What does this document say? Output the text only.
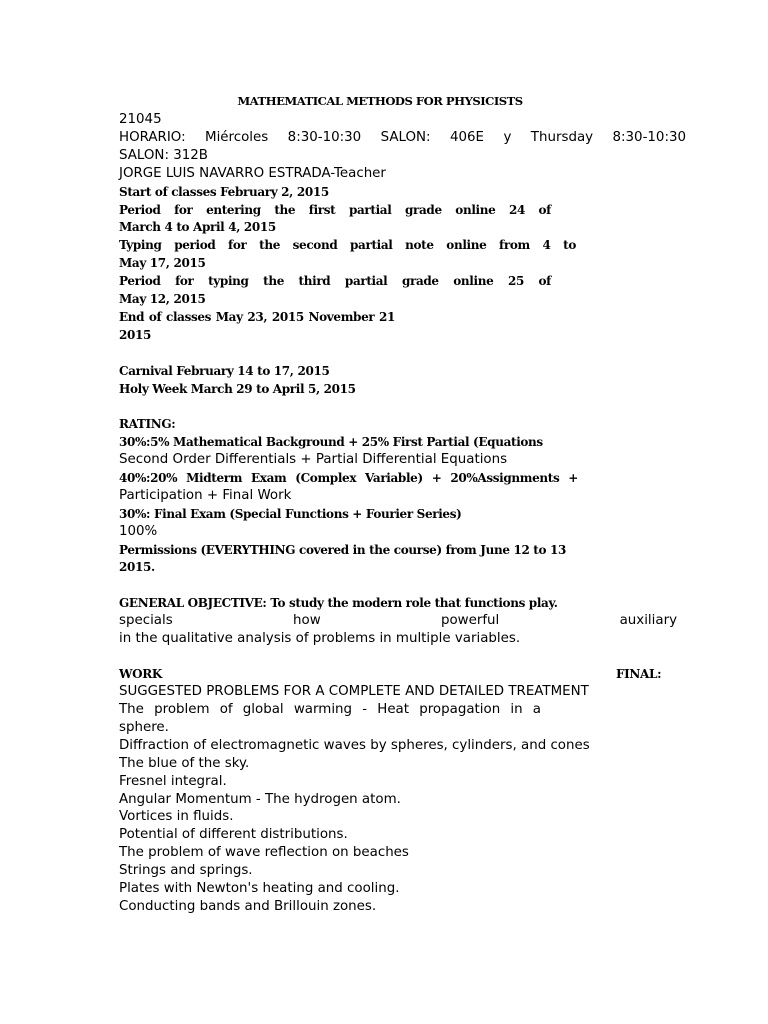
MATHEMATICAL METHODS FOR PHYSICISTS
21045
HORARIO: Miércoles 8:30-10:30 SALON: 406E y Thursday 8:30-10:30
SALON: 312B
JORGE LUIS NAVARRO ESTRADA-Teacher
Start of classes February 2, 2015
Period for entering the first partial grade online 24 of
March 4 to April 4, 2015
Typing period for the second partial note online from 4 to
May 17, 2015
Period for typing the third partial grade online 25 of
May 12, 2015
End of classes May 23, 2015 November 21
2015
Carnival February 14 to 17, 2015
Holy Week March 29 to April 5, 2015
RATING:
30%:5% Mathematical Background + 25% First Partial (Equations
Second Order Differentials + Partial Differential Equations
40%:20% Midterm Exam (Complex Variable) + 20%Assignments +
Participation + Final Work
30%: Final Exam (Special Functions + Fourier Series)
100%
Permissions (EVERYTHING covered in the course) from June 12 to 13
2015.
GENERAL OBJECTIVE: To study the modern role that functions play.
specials how powerful auxiliary
in the qualitative analysis of problems in multiple variables.
WORK	FINAL:
SUGGESTED PROBLEMS FOR A COMPLETE AND DETAILED TREATMENT
The problem of global warming - Heat propagation in a
sphere.
Diffraction of electromagnetic waves by spheres, cylinders, and cones
The blue of the sky.
Fresnel integral.
Angular Momentum - The hydrogen atom.
Vortices in fluids.
Potential of different distributions.
The problem of wave reflection on beaches
Strings and springs.
Plates with Newton's heating and cooling.
Conducting bands and Brillouin zones.
